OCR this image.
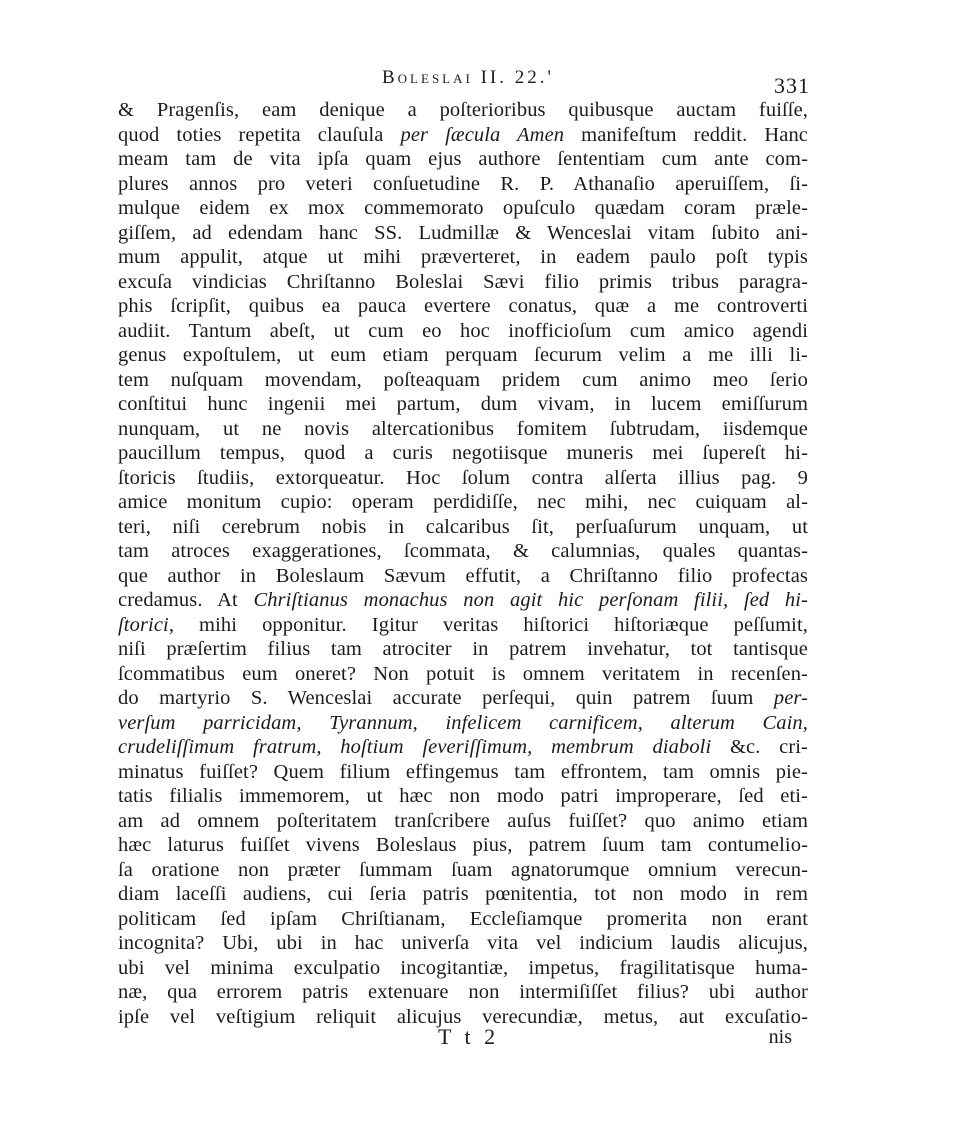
Boleslai II. 22.'	331
& Pragenſis, eam denique a poſterioribus quibusque auctam fuiſſe,
quod toties repetita clauſula per ſæcula Amen manifeſtum reddit. Hanc
meam tam de vita ipſa quam ejus authore ſententiam cum ante com-
plures annos pro veteri conſuetudine R. P. Athanaſio aperuiſſem, ſi-
mulque eidem ex mox commemorato opuſculo quædam coram præle-
giſſem, ad edendam hanc SS. Ludmillæ & Wenceslai vitam ſubito ani-
mum appulit, atque ut mihi præverteret, in eadem paulo poſt typis
excuſa vindicias Chriſtanno Boleslai Sævi filio primis tribus paragra-
phis ſcripſit, quibus ea pauca evertere conatus, quæ a me controverti
audiit. Tantum abeſt, ut cum eo hoc inofficioſum cum amico agendi
genus expoſtulem, ut eum etiam perquam ſecurum velim a me illi li-
tem nuſquam movendam, poſteaquam pridem cum animo meo ſerio
conſtitui hunc ingenii mei partum, dum vivam, in lucem emiſſurum
nunquam, ut ne novis altercationibus fomitem ſubtrudam, iisdemque
paucillum tempus, quod a curis negotiisque muneris mei ſupereſt hi-
ſtoricis ſtudiis, extorqueatur. Hoc ſolum contra alſerta illius pag. 9
amice monitum cupio: operam perdidiſſe, nec mihi, nec cuiquam al-
teri, niſi cerebrum nobis in calcaribus ſit, perſuaſurum unquam, ut
tam atroces exaggerationes, ſcommata, & calumnias, quales quantas-
que author in Boleslaum Sævum effutit, a Chriſtanno filio profectas
credamus. At Chriſtianus monachus non agit hic perſonam filii, ſed hi-
ſtorici, mihi opponitur. Igitur veritas hiſtorici hiſtoriæque peſſumit,
niſi præſertim filius tam atrociter in patrem invehatur, tot tantisque
ſcommatibus eum oneret? Non potuit is omnem veritatem in recenſen-
do martyrio S. Wenceslai accurate perſequi, quin patrem ſuum per-
verſum parricidam, Tyrannum, infelicem carnificem, alterum Cain,
crudeliſſimum fratrum, hoſtium ſeveriſſimum, membrum diaboli &c. cri-
minatus fuiſſet? Quem filium effingemus tam effrontem, tam omnis pie-
tatis filialis immemorem, ut hæc non modo patri improperare, ſed eti-
am ad omnem poſteritatem tranſcribere auſus fuiſſet? quo animo etiam
hæc laturus fuiſſet vivens Boleslaus pius, patrem ſuum tam contumelio-
ſa oratione non præter ſummam ſuam agnatorumque omnium verecun-
diam laceſſi audiens, cui ſeria patris pœnitentia, tot non modo in rem
politicam ſed ipſam Chriſtianam, Eccleſiamque promerita non erant
incognita? Ubi, ubi in hac univerſa vita vel indicium laudis alicujus,
ubi vel minima exculpatio incogitantiæ, impetus, fragilitatisque huma-
næ, qua errorem patris extenuare non intermiſiſſet filius? ubi author
ipſe vel veſtigium reliquit alicujus verecundiæ, metus, aut excuſatio-
T t 2	nis
